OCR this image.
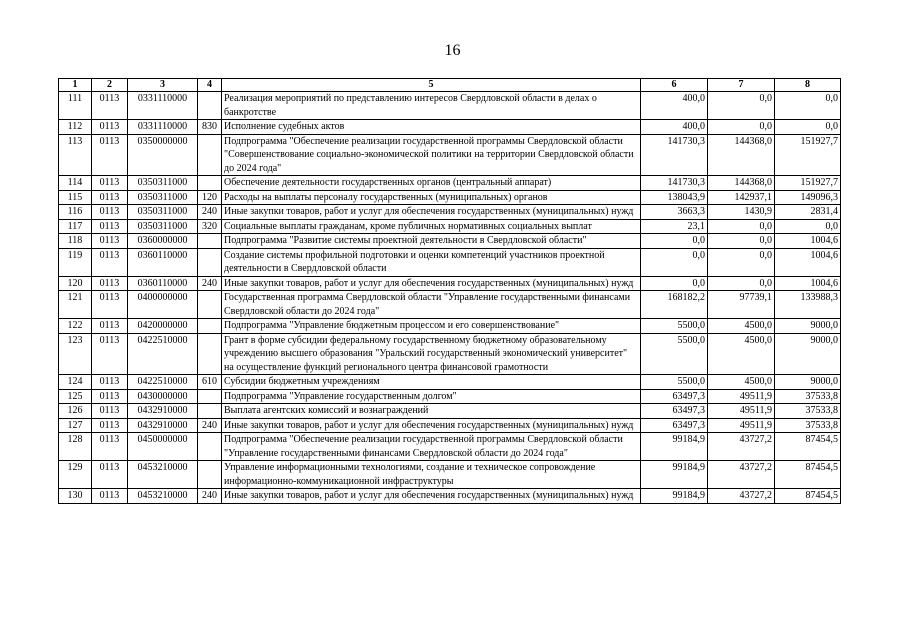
16
1	2	3	4	5	6	7	8
111	0113	0331110000		Реализация мероприятий по представлению интересов Свердловской области в делах о банкротстве	400,0	0,0	0,0
112	0113	0331110000	830	Исполнение судебных актов	400,0	0,0	0,0
113	0113	0350000000		Подпрограмма "Обеспечение реализации государственной программы Свердловской области "Совершенствование социально-экономической политики на территории Свердловской области до 2024 года"	141730,3	144368,0	151927,7
114	0113	0350311000		Обеспечение деятельности государственных органов (центральный аппарат)	141730,3	144368,0	151927,7
115	0113	0350311000	120	Расходы на выплаты персоналу государственных (муниципальных) органов	138043,9	142937,1	149096,3
116	0113	0350311000	240	Иные закупки товаров, работ и услуг для обеспечения государственных (муниципальных) нужд	3663,3	1430,9	2831,4
117	0113	0350311000	320	Социальные выплаты гражданам, кроме публичных нормативных социальных выплат	23,1	0,0	0,0
118	0113	0360000000		Подпрограмма "Развитие системы проектной деятельности в Свердловской области"	0,0	0,0	1004,6
119	0113	0360110000		Создание системы профильной подготовки и оценки компетенций участников проектной деятельности в Свердловской области	0,0	0,0	1004,6
120	0113	0360110000	240	Иные закупки товаров, работ и услуг для обеспечения государственных (муниципальных) нужд	0,0	0,0	1004,6
121	0113	0400000000		Государственная программа Свердловской области "Управление государственными финансами Свердловской области до 2024 года"	168182,2	97739,1	133988,3
122	0113	0420000000		Подпрограмма "Управление бюджетным процессом и его совершенствование"	5500,0	4500,0	9000,0
123	0113	0422510000		Грант в форме субсидии федеральному государственному бюджетному образовательному учреждению высшего образования "Уральский государственный экономический университет" на осуществление функций регионального центра финансовой грамотности	5500,0	4500,0	9000,0
124	0113	0422510000	610	Субсидии бюджетным учреждениям	5500,0	4500,0	9000,0
125	0113	0430000000		Подпрограмма "Управление государственным долгом"	63497,3	49511,9	37533,8
126	0113	0432910000		Выплата агентских комиссий и вознаграждений	63497,3	49511,9	37533,8
127	0113	0432910000	240	Иные закупки товаров, работ и услуг для обеспечения государственных (муниципальных) нужд	63497,3	49511,9	37533,8
128	0113	0450000000		Подпрограмма "Обеспечение реализации государственной программы Свердловской области "Управление государственными финансами Свердловской области до 2024 года"	99184,9	43727,2	87454,5
129	0113	0453210000		Управление информационными технологиями, создание и техническое сопровождение информационно-коммуникационной инфраструктуры	99184,9	43727,2	87454,5
130	0113	0453210000	240	Иные закупки товаров, работ и услуг для обеспечения государственных (муниципальных) нужд	99184,9	43727,2	87454,5
